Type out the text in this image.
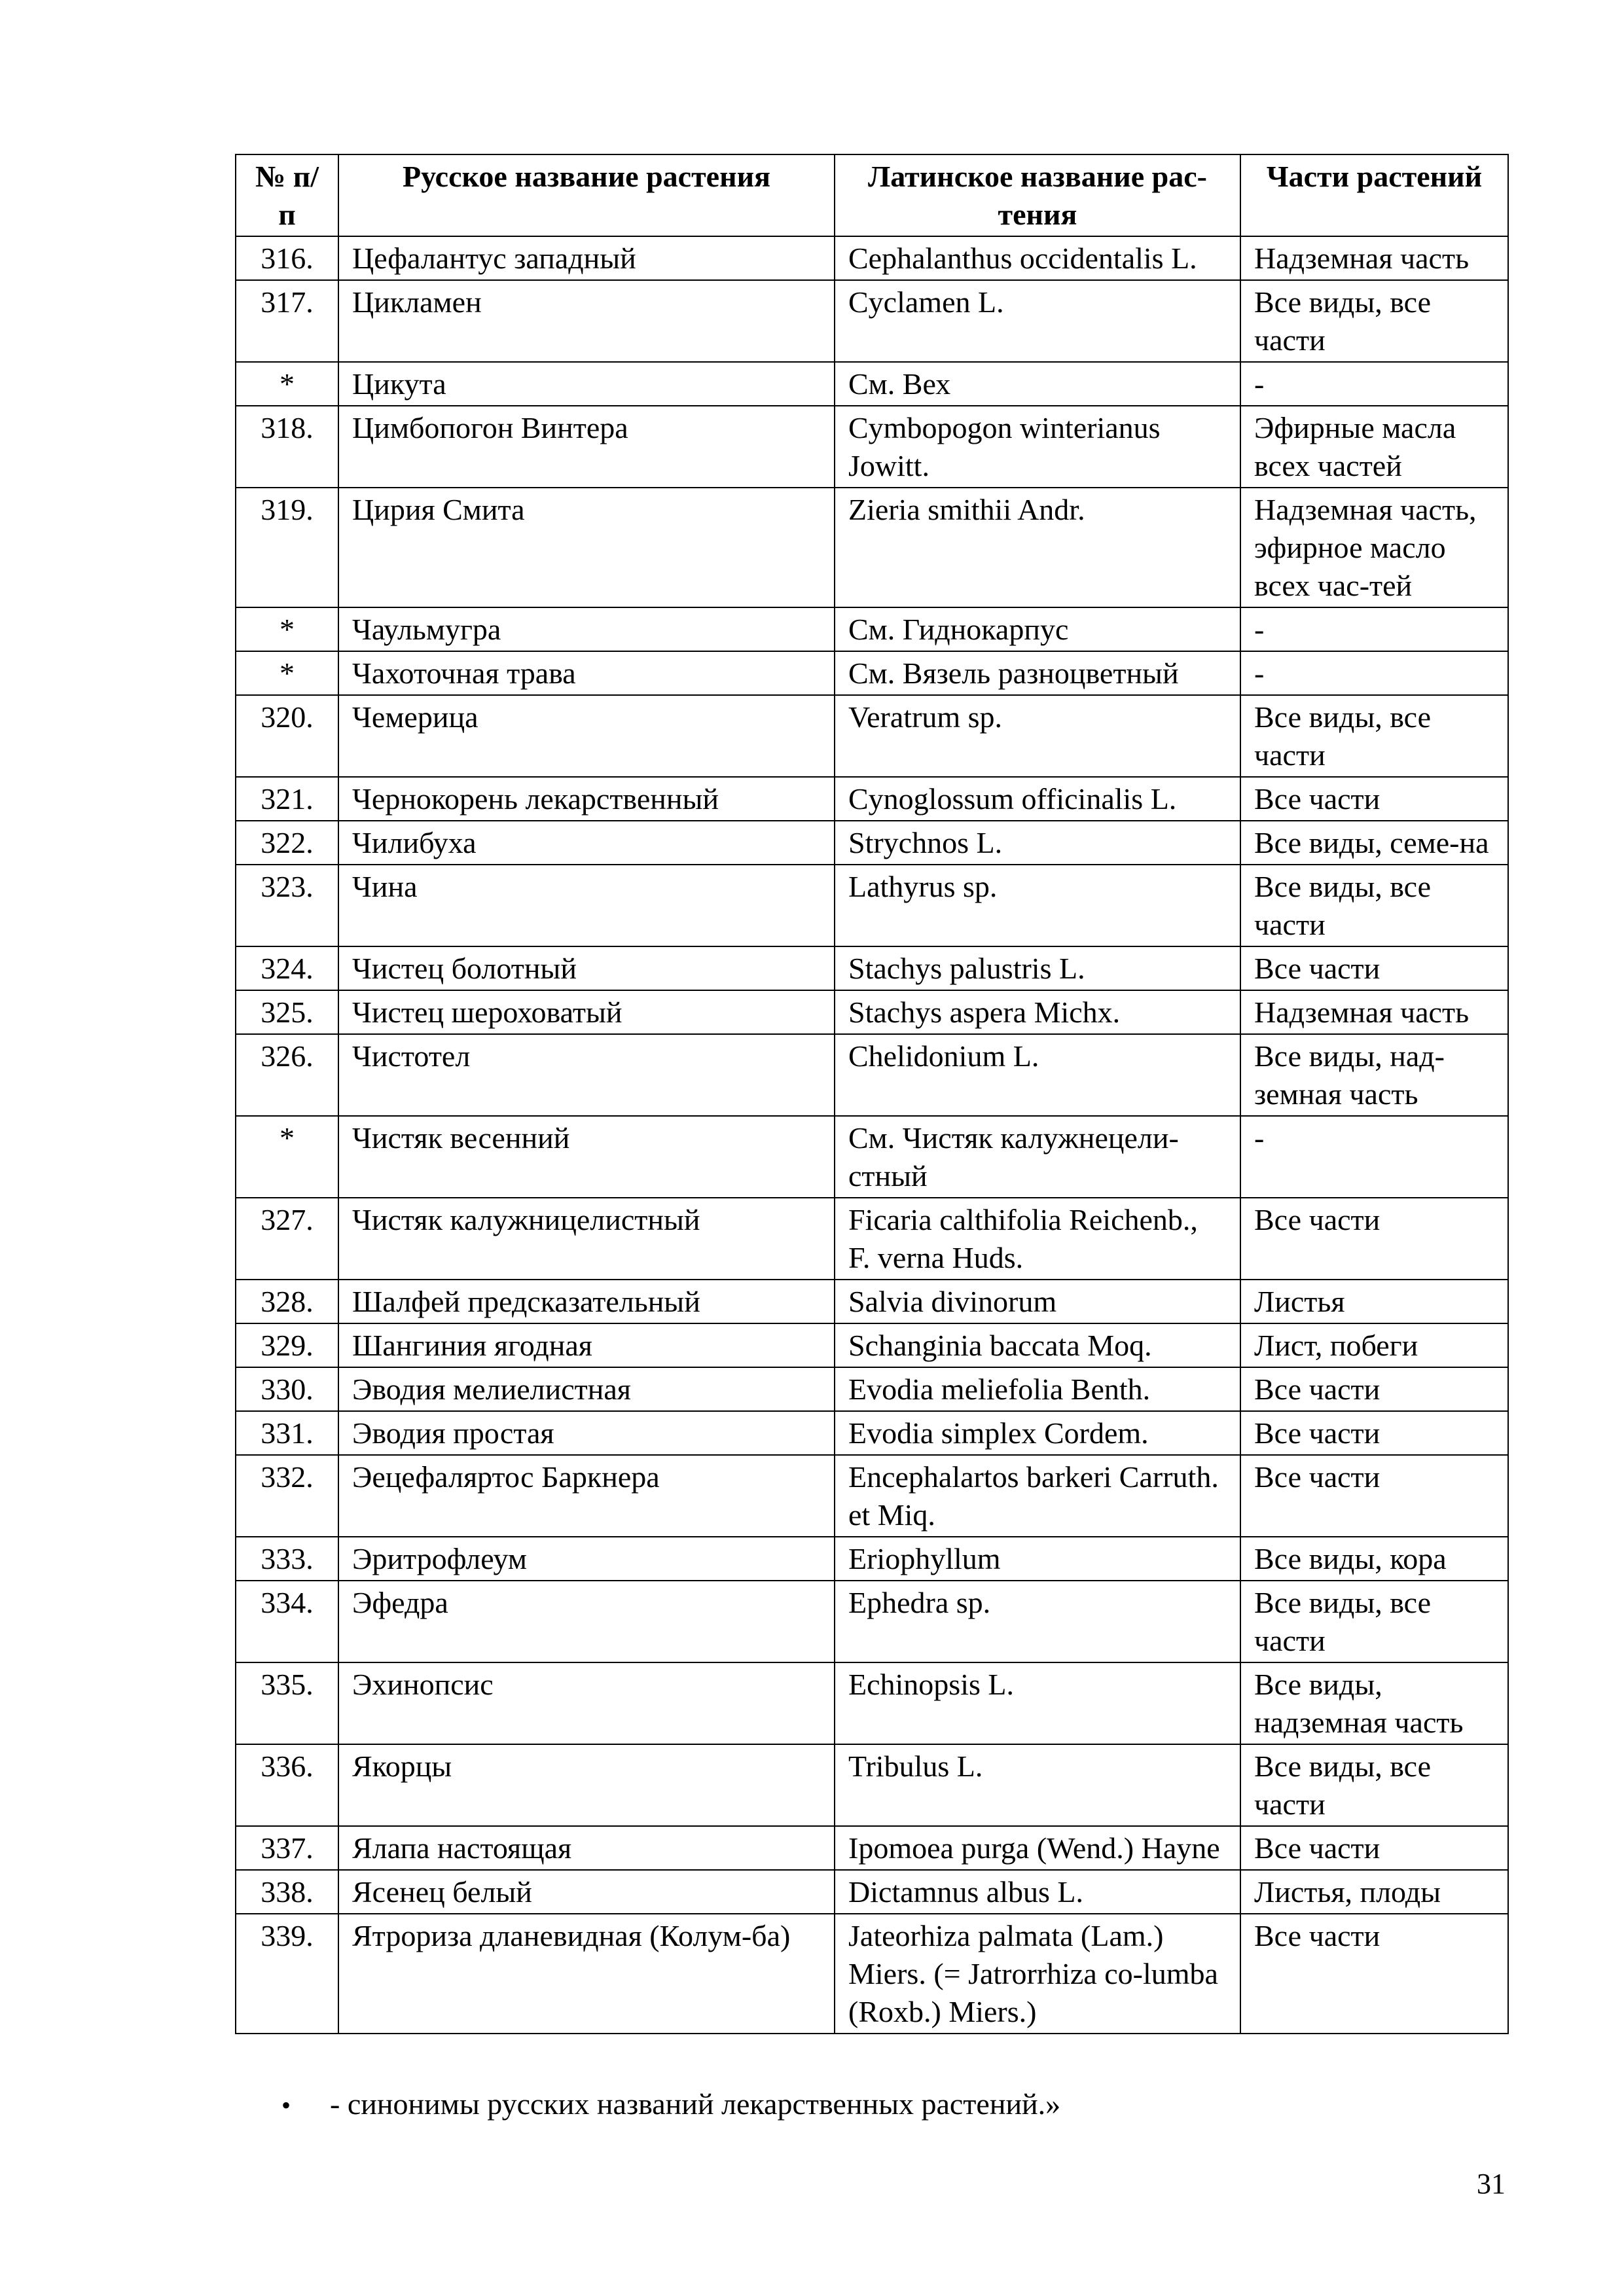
№ п/п	Русское название растения	Латинское название рас-тения	Части растений
316.	Цефалантус западный	Cephalanthus occidentalis L.	Надземная часть
317.	Цикламен	Cyclamen L.	Все виды, все части
*	Цикута	См. Вех	-
318.	Цимбопогон Винтера	Cymbopogon winterianus Jowitt.	Эфирные масла всех частей
319.	Цирия Смита	Zieria smithii Andr.	Надземная часть, эфирное масло всех час-тей
*	Чаульмугра	См. Гиднокарпус	-
*	Чахоточная трава	См. Вязель разноцветный	-
320.	Чемерица	Veratrum sp.	Все виды, все части
321.	Чернокорень лекарственный	Cynoglossum officinalis L.	Все части
322.	Чилибуха	Strychnos L.	Все виды, семе-на
323.	Чина	Lathyrus sp.	Все виды, все части
324.	Чистец болотный	Stachys palustris L.	Все части
325.	Чистец шероховатый	Stachys aspera Michx.	Надземная часть
326.	Чистотел	Chelidonium L.	Все виды, над-земная часть
*	Чистяк весенний	См. Чистяк калужнецели-стный	-
327.	Чистяк калужницелистный	Ficaria calthifolia Reichenb., F. verna Huds.	Все части
328.	Шалфей предсказательный	Salvia divinorum	Листья
329.	Шангиния ягодная	Schanginia baccata Moq.	Лист, побеги
330.	Эводия мелиелистная	Evodia meliefolia Benth.	Все части
331.	Эводия простая	Evodia simplex Cordem.	Все части
332.	Эецефаляртос Баркнера	Encephalartos barkeri Carruth. et Miq.	Все части
333.	Эритрофлеум	Eriophyllum	Все виды, кора
334.	Эфедра	Ephedra sp.	Все виды, все части
335.	Эхинопсис	Echinopsis L.	Все виды, надземная часть
336.	Якорцы	Tribulus L.	Все виды, все части
337.	Ялапа настоящая	Ipomoea purga (Wend.) Hayne	Все части
338.	Ясенец белый	Dictamnus albus L.	Листья, плоды
339.	Ятрориза дланевидная (Колум-ба)	Jateorhiza palmata (Lam.) Miers. (= Jatrorrhiza co-lumba (Roxb.) Miers.)	Все части
• - синонимы русских названий лекарственных растений.»
31
